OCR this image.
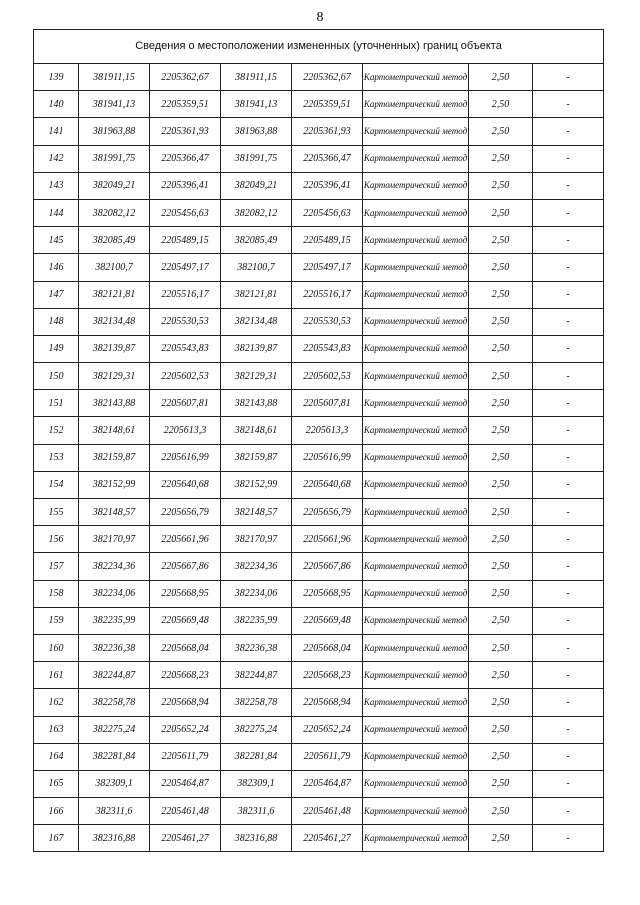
8
Сведения о местоположении измененных (уточненных) границ объекта							
139	381911,15	2205362,67	381911,15	2205362,67	Картометрический метод	2,50	-
140	381941,13	2205359,51	381941,13	2205359,51	Картометрический метод	2,50	-
141	381963,88	2205361,93	381963,88	2205361,93	Картометрический метод	2,50	-
142	381991,75	2205366,47	381991,75	2205366,47	Картометрический метод	2,50	-
143	382049,21	2205396,41	382049,21	2205396,41	Картометрический метод	2,50	-
144	382082,12	2205456,63	382082,12	2205456,63	Картометрический метод	2,50	-
145	382085,49	2205489,15	382085,49	2205489,15	Картометрический метод	2,50	-
146	382100,7	2205497,17	382100,7	2205497,17	Картометрический метод	2,50	-
147	382121,81	2205516,17	382121,81	2205516,17	Картометрический метод	2,50	-
148	382134,48	2205530,53	382134,48	2205530,53	Картометрический метод	2,50	-
149	382139,87	2205543,83	382139,87	2205543,83	Картометрический метод	2,50	-
150	382129,31	2205602,53	382129,31	2205602,53	Картометрический метод	2,50	-
151	382143,88	2205607,81	382143,88	2205607,81	Картометрический метод	2,50	-
152	382148,61	2205613,3	382148,61	2205613,3	Картометрический метод	2,50	-
153	382159,87	2205616,99	382159,87	2205616,99	Картометрический метод	2,50	-
154	382152,99	2205640,68	382152,99	2205640,68	Картометрический метод	2,50	-
155	382148,57	2205656,79	382148,57	2205656,79	Картометрический метод	2,50	-
156	382170,97	2205661,96	382170,97	2205661,96	Картометрический метод	2,50	-
157	382234,36	2205667,86	382234,36	2205667,86	Картометрический метод	2,50	-
158	382234,06	2205668,95	382234,06	2205668,95	Картометрический метод	2,50	-
159	382235,99	2205669,48	382235,99	2205669,48	Картометрический метод	2,50	-
160	382236,38	2205668,04	382236,38	2205668,04	Картометрический метод	2,50	-
161	382244,87	2205668,23	382244,87	2205668,23	Картометрический метод	2,50	-
162	382258,78	2205668,94	382258,78	2205668,94	Картометрический метод	2,50	-
163	382275,24	2205652,24	382275,24	2205652,24	Картометрический метод	2,50	-
164	382281,84	2205611,79	382281,84	2205611,79	Картометрический метод	2,50	-
165	382309,1	2205464,87	382309,1	2205464,87	Картометрический метод	2,50	-
166	382311,6	2205461,48	382311,6	2205461,48	Картометрический метод	2,50	-
167	382316,88	2205461,27	382316,88	2205461,27	Картометрический метод	2,50	-
